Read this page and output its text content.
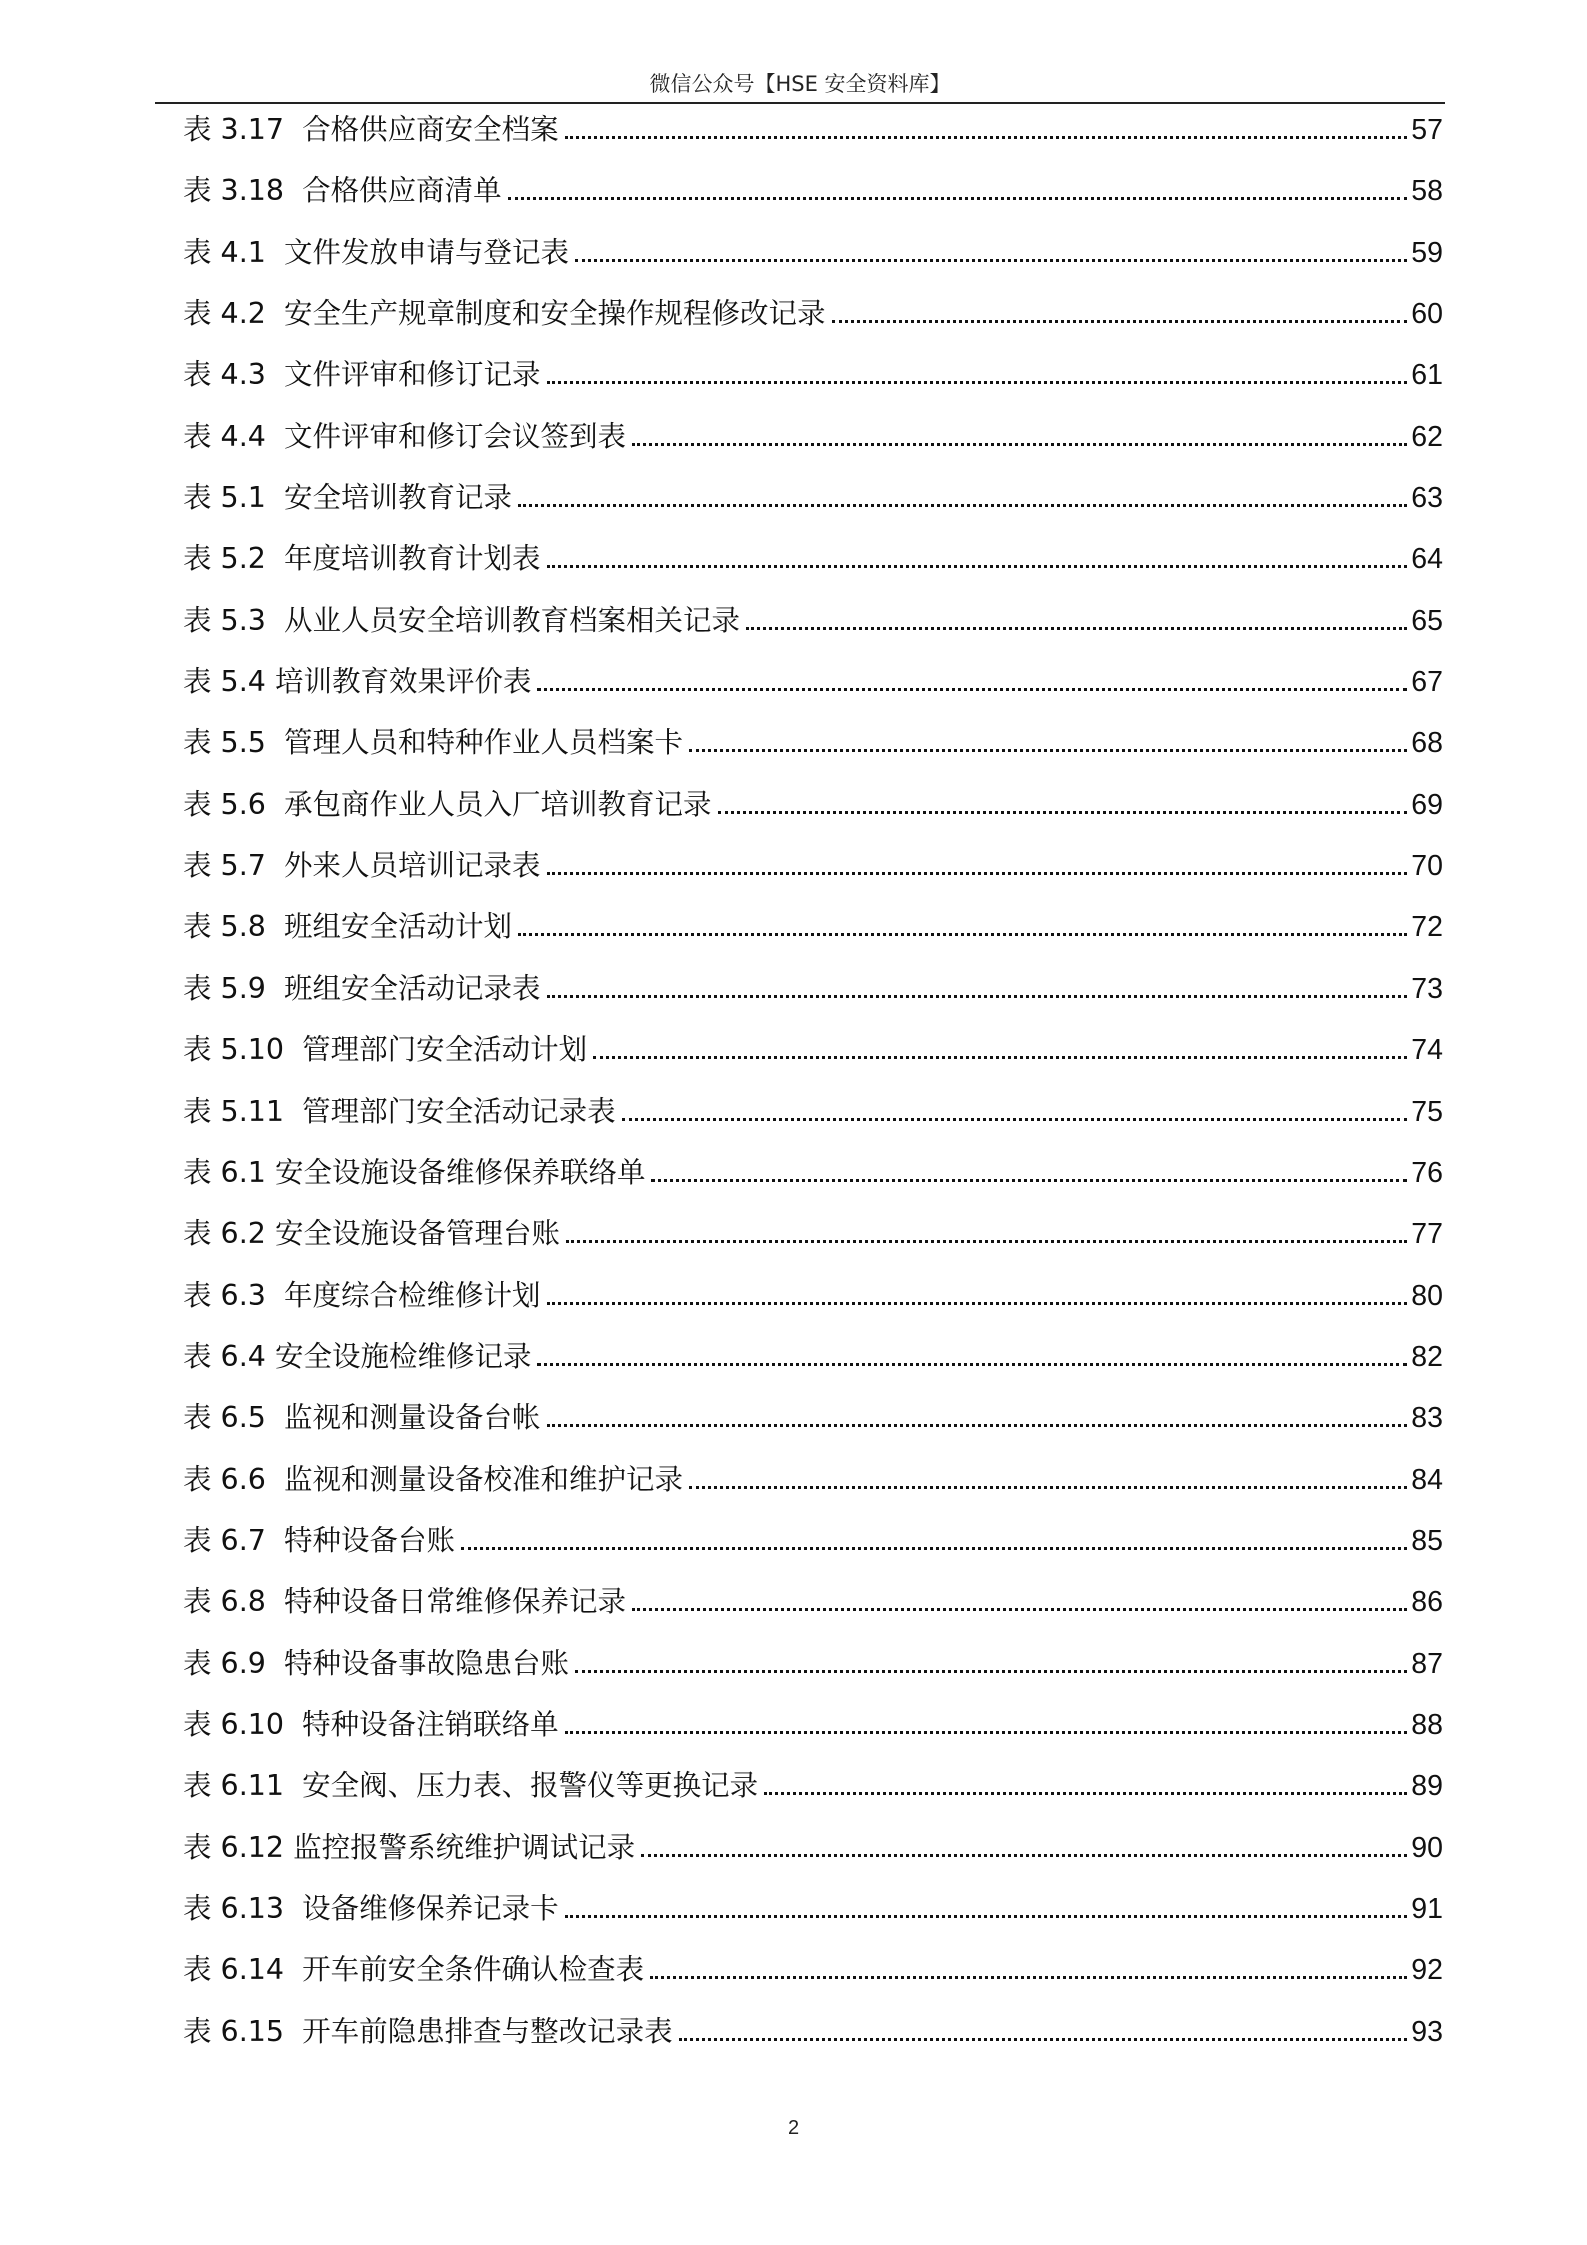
微信公众号【HSE 安全资料库】
表 3.17  合格供应商安全档案	57
表 3.18  合格供应商清单	58
表 4.1  文件发放申请与登记表	59
表 4.2  安全生产规章制度和安全操作规程修改记录	60
表 4.3  文件评审和修订记录	61
表 4.4  文件评审和修订会议签到表	62
表 5.1  安全培训教育记录	63
表 5.2  年度培训教育计划表	64
表 5.3  从业人员安全培训教育档案相关记录	65
表 5.4 培训教育效果评价表	67
表 5.5  管理人员和特种作业人员档案卡	68
表 5.6  承包商作业人员入厂培训教育记录	69
表 5.7  外来人员培训记录表	70
表 5.8  班组安全活动计划	72
表 5.9  班组安全活动记录表	73
表 5.10  管理部门安全活动计划	74
表 5.11  管理部门安全活动记录表	75
表 6.1 安全设施设备维修保养联络单	76
表 6.2 安全设施设备管理台账	77
表 6.3  年度综合检维修计划	80
表 6.4 安全设施检维修记录	82
表 6.5  监视和测量设备台帐	83
表 6.6  监视和测量设备校准和维护记录	84
表 6.7  特种设备台账	85
表 6.8  特种设备日常维修保养记录	86
表 6.9  特种设备事故隐患台账	87
表 6.10  特种设备注销联络单	88
表 6.11  安全阀、压力表、报警仪等更换记录	89
表 6.12 监控报警系统维护调试记录	90
表 6.13  设备维修保养记录卡	91
表 6.14  开车前安全条件确认检查表	92
表 6.15  开车前隐患排查与整改记录表	93
2
